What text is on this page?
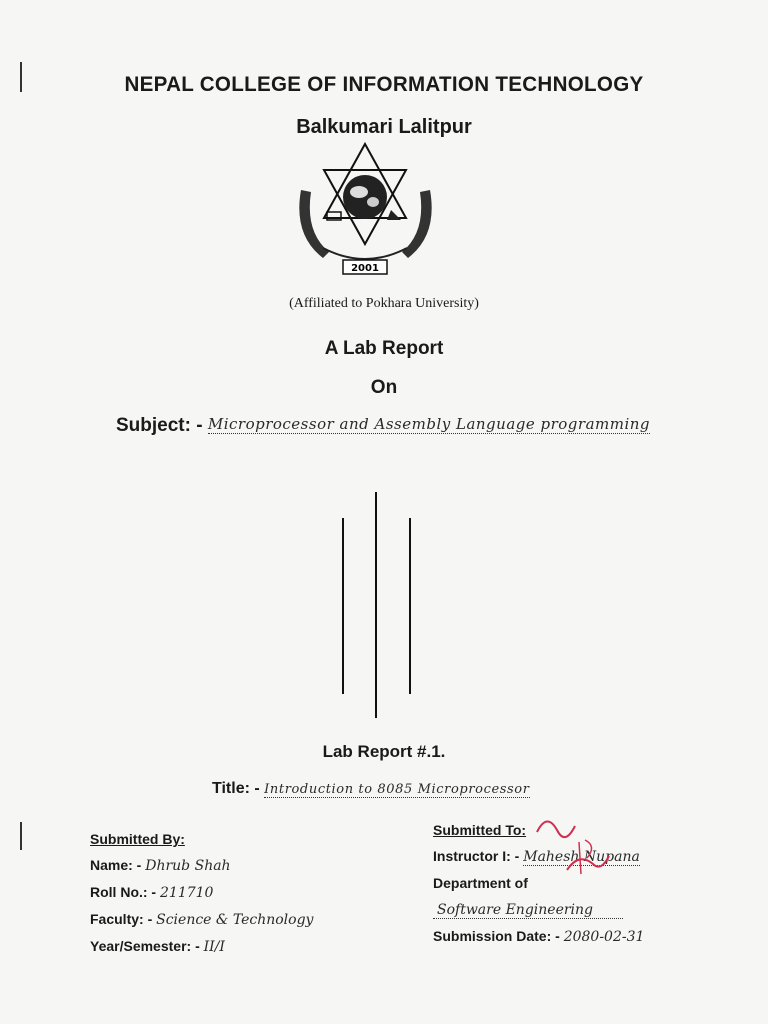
NEPAL COLLEGE OF INFORMATION TECHNOLOGY
Balkumari Lalitpur
2001
(Affiliated to Pokhara University)
A Lab Report
On
Subject: - Microprocessor and Assembly Language programming
Lab Report #.1.
Title: - Introduction to 8085 Microprocessor
Submitted By:
Name: - Dhrub Shah
Roll No.: - 211710
Faculty: - Science & Technology
Year/Semester: - II/I
Submitted To:
Instructor I: - Mahesh Nupana
Department of
Software Engineering
Submission Date: - 2080-02-31
